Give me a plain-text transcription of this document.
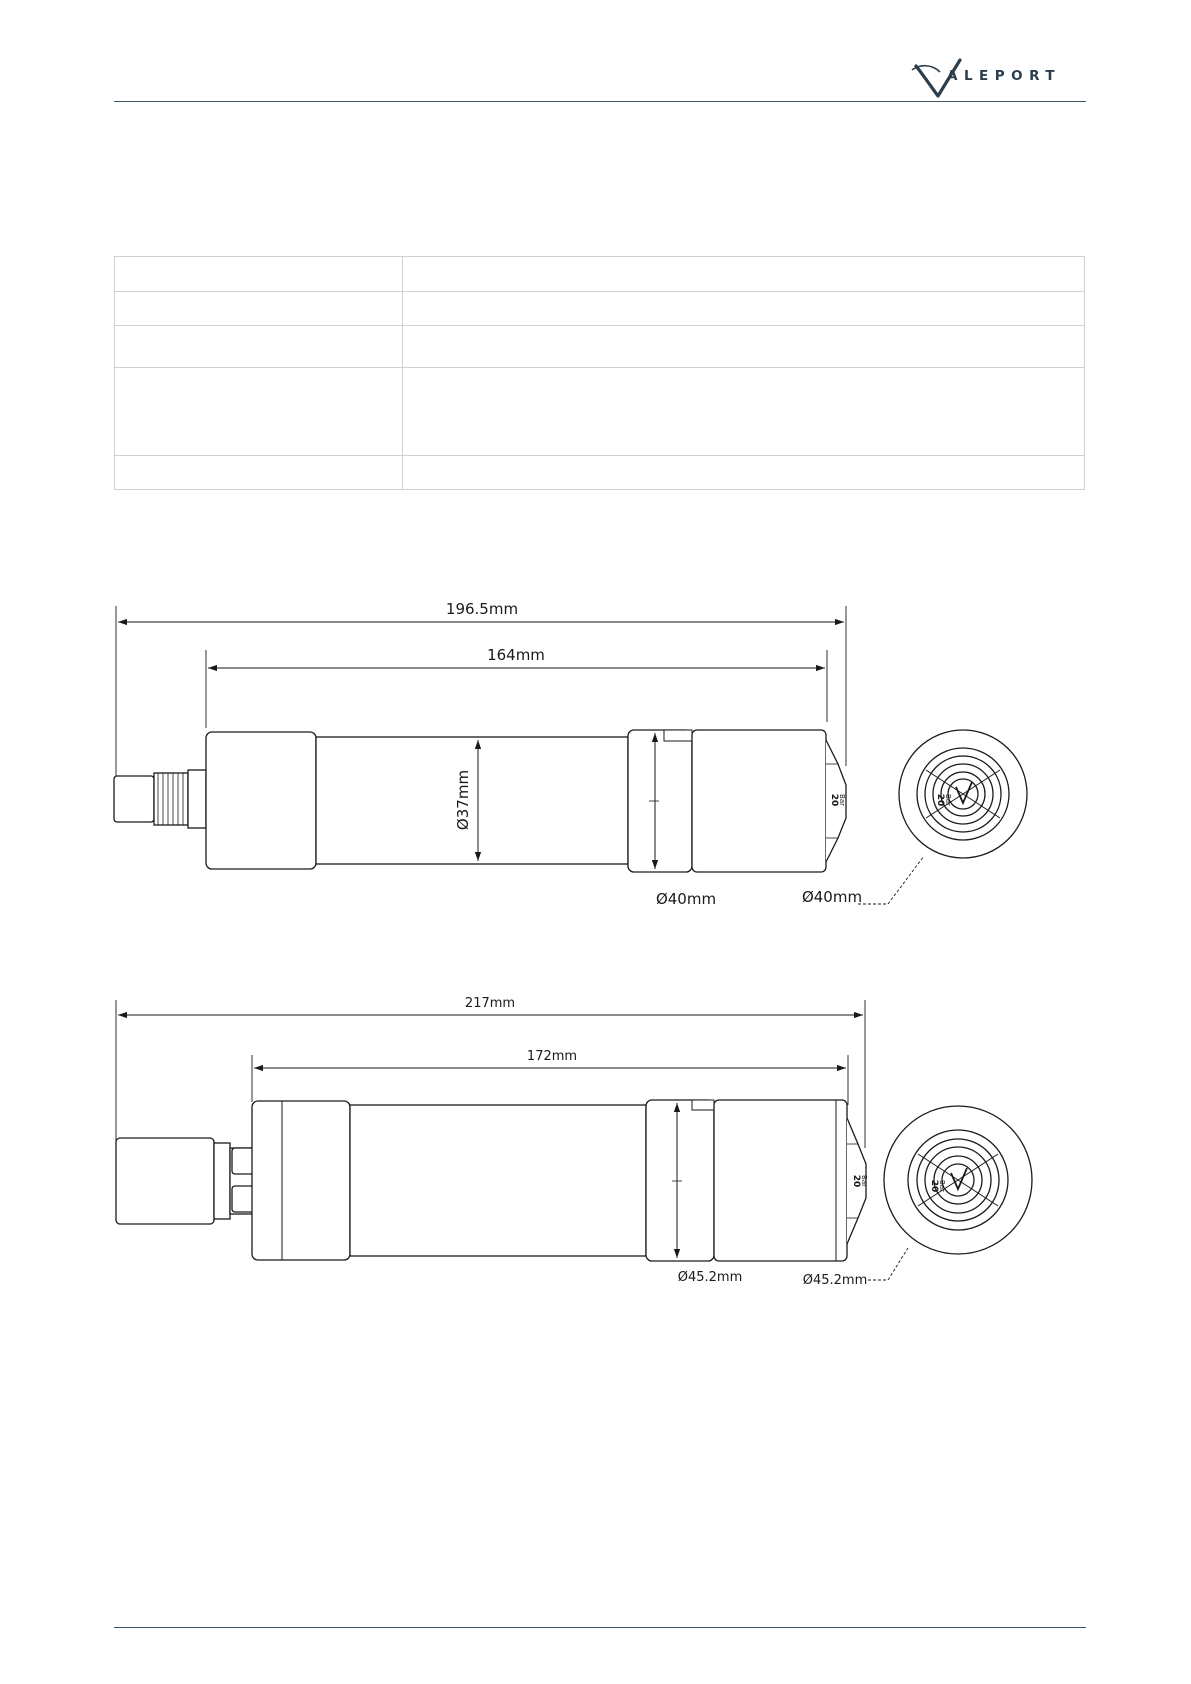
ALEPORT

196.5mm
164mm
Ø37mm
Ø40mm	Ø40mm
20 Bar	20 Bar
217mm
172mm
Ø45.2mm	Ø45.2mm
20 Bar	20 Bar
